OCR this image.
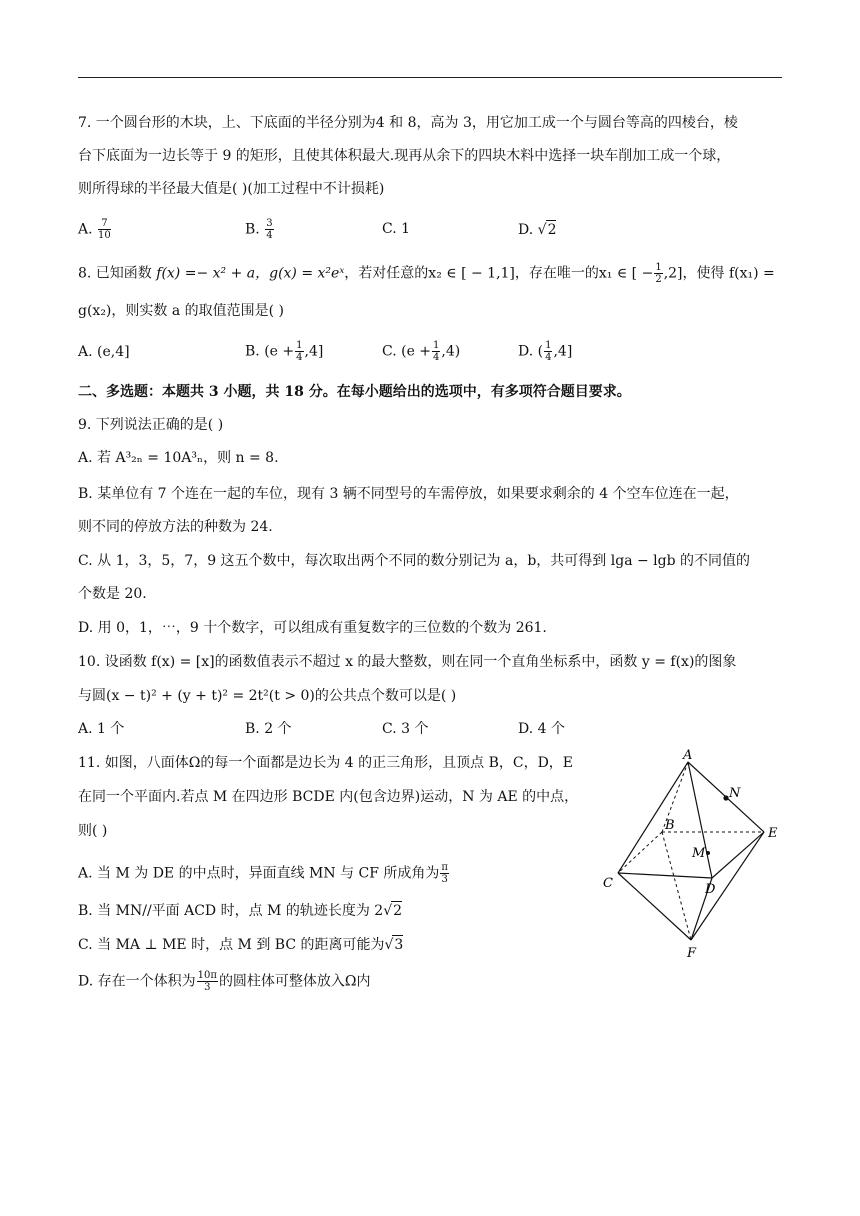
7. 一个圆台形的木块，上、下底面的半径分别为4 和 8，高为 3，用它加工成一个与圆台等高的四棱台，棱
台下底面为一边长等于 9 的矩形，且使其体积最大.现再从余下的四块木料中选择一块车削加工成一个球，
则所得球的半径最大值是( )(加工过程中不计损耗)
A. $\frac{7}{10}$	B. $\frac{3}{4}$	C. 1	D. √2
8. 已知函数 f(x) =− x² + a，g(x) = x²eˣ，若对任意的x₂ ∈ [ − 1,1]，存在唯一的x₁ ∈ [ − $\frac{1}{2} ,2$]，使得 f(x₁) =
g(x₂)，则实数 a 的取值范围是( )
A. (e,4]	B. $(e + \frac{1}{4} ,4]$	C. $(e + \frac{1}{4} ,4)$	D. ( $\frac{1}{4} ,4$]
二、多选题：本题共 3 小题，共 18 分。在每小题给出的选项中，有多项符合题目要求。
9. 下列说法正确的是( )
A. 若 A³₂ₙ = 10A³ₙ，则 n = 8.
B. 某单位有 7 个连在一起的车位，现有 3 辆不同型号的车需停放，如果要求剩余的 4 个空车位连在一起，
则不同的停放方法的种数为 24.
C. 从 1，3，5，7，9 这五个数中，每次取出两个不同的数分别记为 a，b，共可得到 lga − lgb 的不同值的
个数是 20.
D. 用 0，1，⋯，9 十个数字，可以组成有重复数字的三位数的个数为 261.
10. 设函数 f(x) = [x]的函数值表示不超过 x 的最大整数，则在同一个直角坐标系中，函数 y = f(x)的图象
与圆(x − t)² + (y + t)² = 2t²(t > 0)的公共点个数可以是( )
A. 1 个	B. 2 个	C. 3 个	D. 4 个
11. 如图，八面体Ω的每一个面都是边长为 4 的正三角形，且顶点 B，C，D，E
在同一个平面内.若点 M 在四边形 BCDE 内(包含边界)运动，N 为 AE 的中点，
则( )
A. 当 M 为 DE 的中点时，异面直线 MN 与 CF 所成角为 $\frac{\pi}{3}$
B. 当 MN//平面 ACD 时，点 M 的轨迹长度为 2√2
C. 当 MA ⊥ ME 时，点 M 到 BC 的距离可能为√3
D. 存在一个体积为 $\frac{10\pi}{3}$ 的圆柱体可整体放入Ω内
A
N
B
E
M
C	D
F
